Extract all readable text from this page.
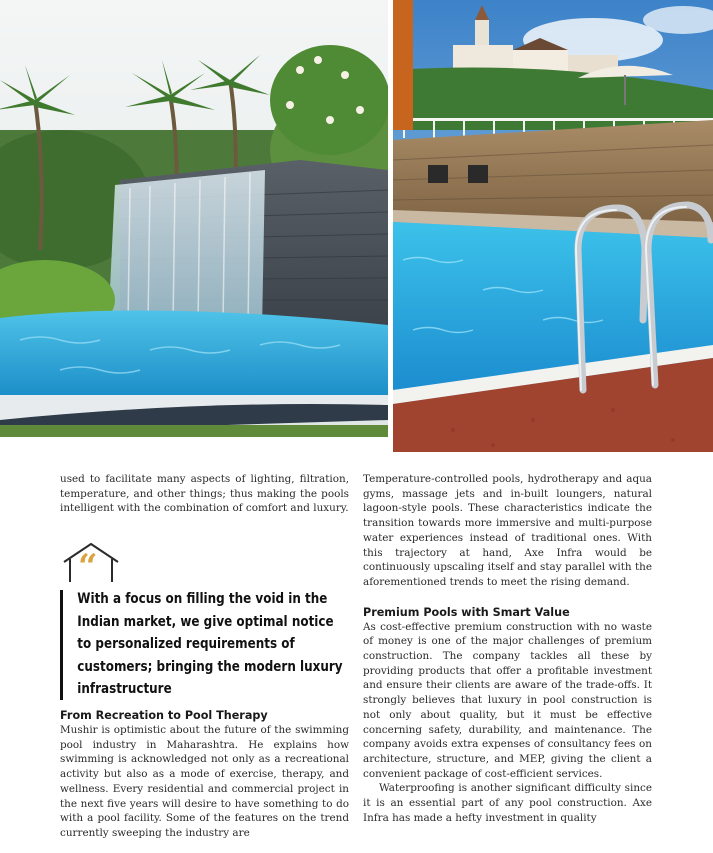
used to facilitate many aspects of lighting, filtration, temperature, and other things; thus making the pools intelligent with the combination of comfort and luxury.

“
With a focus on filling the void in the Indian market, we give optimal notice to personalized requirements of customers; bringing the modern luxury infrastructure

From Recreation to Pool Therapy

Mushir is optimistic about the future of the swimming pool industry in Maharashtra. He explains how swimming is acknowledged not only as a recreational activity but also as a mode of exercise, therapy, and wellness. Every residential and commercial project in the next five years will desire to have something to do with a pool facility. Some of the features on the trend currently sweeping the industry are

Temperature-controlled pools, hydrotherapy and aqua gyms, massage jets and in-built loungers, natural lagoon-style pools. These characteristics indicate the transition towards more immersive and multi-purpose water experiences instead of traditional ones. With this trajectory at hand, Axe Infra would be continuously upscaling itself and stay parallel with the aforementioned trends to meet the rising demand.

Premium Pools with Smart Value

As cost-effective premium construction with no waste of money is one of the major challenges of premium construction. The company tackles all these by providing products that offer a profitable investment and ensure their clients are aware of the trade-offs. It strongly believes that luxury in pool construction is not only about quality, but it must be effective concerning safety, durability, and maintenance. The company avoids extra expenses of consultancy fees on architecture, structure, and MEP, giving the client a convenient package of cost-efficient services.

Waterproofing is another significant difficulty since it is an essential part of any pool construction. Axe Infra has made a hefty investment in quality
